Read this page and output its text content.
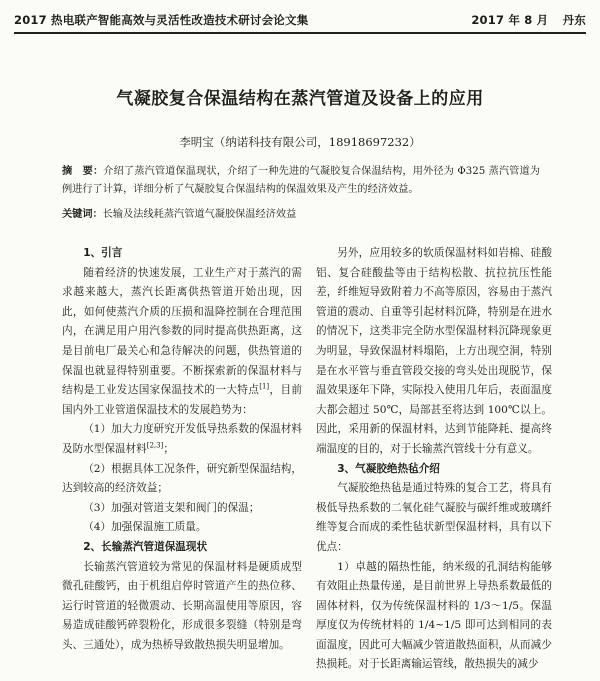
2017 热电联产智能高效与灵活性改造技术研讨会论文集	2017 年 8 月 丹东
气凝胶复合保温结构在蒸汽管道及设备上的应用
李明宝（纳诺科技有限公司，18918697232）
摘　要：介绍了蒸汽管道保温现状，介绍了一种先进的气凝胶复合保温结构，用外径为 Φ325 蒸汽管道为例进行了计算，详细分析了气凝胶复合保温结构的保温效果及产生的经济效益。
关键词：长输及法线耗蒸汽管道气凝胶保温经济效益

1、引言

随着经济的快速发展，工业生产对于蒸汽的需求越来越大，蒸汽长距离供热管道开始出现，因此，如何使蒸汽介质的压损和温降控制在合理范围内，在满足用户用汽参数的同时提高供热距离，这是目前电厂最关心和急待解决的问题，供热管道的保温也就显得特别重要。不断探索新的保温材料与结构是工业发达国家保温技术的一大特点[1]，目前国内外工业管道保温技术的发展趋势为：

（1）加大力度研究开发低导热系数的保温材料及防水型保温材料[2,3]；

（2）根据具体工况条件，研究新型保温结构，达到较高的经济效益；

（3）加强对管道支架和阀门的保温；

（4）加强保温施工质量。

2、长输蒸汽管道保温现状

长输蒸汽管道较为常见的保温材料是硬质成型微孔硅酸钙，由于机组启停时管道产生的热位移、运行时管道的轻微震动、长期高温使用等原因，容易造成硅酸钙碎裂粉化，形成很多裂缝（特别是弯头、三通处），成为热桥导致散热损失明显增加。

另外，应用较多的软质保温材料如岩棉、硅酸铝、复合硅酸盐等由于结构松散、抗拉抗压性能差，纤维短导致附着力不高等原因，容易由于蒸汽管道的震动、自重等引起材料沉降，特别是在进水的情况下，这类非完全防水型保温材料沉降现象更为明显，导致保温材料塌陷，上方出现空洞，特别是在水平管与垂直管段交接的弯头处出现脱节，保温效果逐年下降，实际投入使用几年后，表面温度大都会超过 50℃，局部甚至将达到 100℃以上。因此，采用新的保温材料，达到节能降耗、提高终端温度的目的，对于长输蒸汽管线十分有意义。

3、气凝胶绝热毡介绍

气凝胶绝热毡是通过特殊的复合工艺，将具有极低导热系数的二氧化硅气凝胶与碳纤维或玻璃纤维等复合而成的柔性毡状新型保温材料，具有以下优点：

1）卓越的隔热性能，纳米级的孔洞结构能够有效阻止热量传递，是目前世界上导热系数最低的固体材料，仅为传统保温材料的 1/3～1/5。保温厚度仅为传统材料的 1/4~1/5 即可达到相同的表面温度，因此可大幅减少管道散热面积，从而减少热损耗。对于长距离输运管线，散热损失的减少
